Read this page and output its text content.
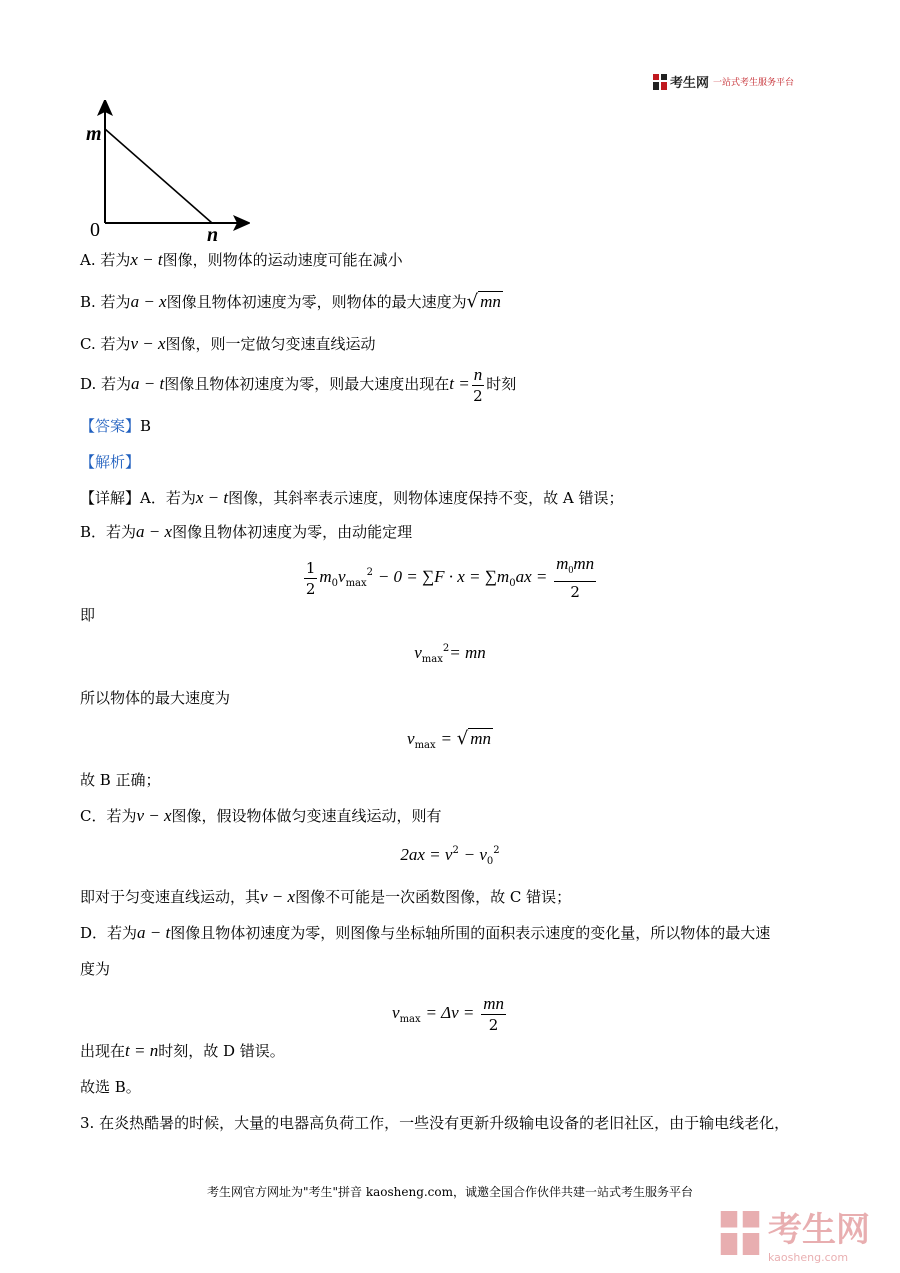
考生网 一站式考生服务平台
m
0	n
A. 若为x − t图像，则物体的运动速度可能在减小
B. 若为a − x图像且物体初速度为零，则物体的最大速度为√ mn
C. 若为v − x图像，则一定做匀变速直线运动
D. 若为a − t图像且物体初速度为零，则最大速度出现在$t = \frac{n}{2}$ 时刻
【答案】B
【解析】
【详解】A．若为x − t图像，其斜率表示速度，则物体速度保持不变，故 A 错误；
B．若为a − x图像且物体初速度为零，由动能定理
$\frac{1}{2} m_0v_{max}^2 - 0 = \sum F \cdot x = \sum m_0ax = \frac{m_0mn}{2}$
即
$v_{max}^2=$ mn
所以物体的最大速度为
$v_{max}$ = √ mn
故 B 正确；
C．若为v − x图像，假设物体做匀变速直线运动，则有
$2ax = v^2 - v_0^2$
即对于匀变速直线运动，其v − x图像不可能是一次函数图像，故 C 错误；
D．若为a − t图像且物体初速度为零，则图像与坐标轴所围的面积表示速度的变化量，所以物体的最大速
度为
$v_{max} = \Delta v = \frac{mn}{2}$
出现在t = n时刻，故 D 错误。
故选 B。
3. 在炎热酷暑的时候，大量的电器高负荷工作，一些没有更新升级输电设备的老旧社区，由于输电线老化，
考生网官方网址为"考生"拼音 kaosheng.com，诚邀全国合作伙伴共建一站式考生服务平台
考生网
kaosheng.com
